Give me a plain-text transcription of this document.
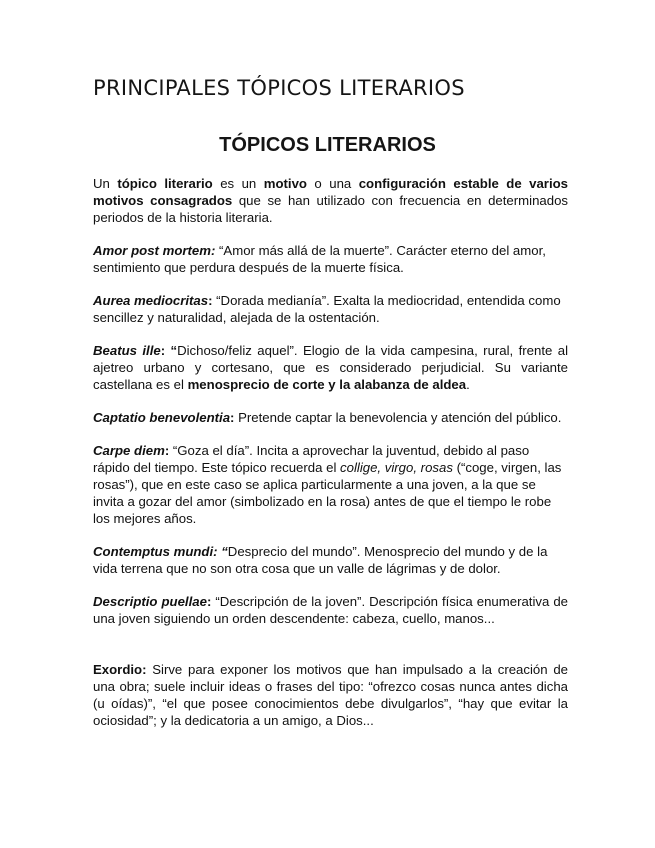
PRINCIPALES TÓPICOS LITERARIOS
TÓPICOS LITERARIOS

Un tópico literario es un motivo o una configuración estable de varios motivos consagrados que se han utilizado con frecuencia en determinados periodos de la historia literaria.

Amor post mortem: “Amor más allá de la muerte”. Carácter eterno del amor, sentimiento que perdura después de la muerte física.

Aurea mediocritas: “Dorada medianía”. Exalta la mediocridad, entendida como sencillez y naturalidad, alejada de la ostentación.

Beatus ille: “Dichoso/feliz aquel”. Elogio de la vida campesina, rural, frente al ajetreo urbano y cortesano, que es considerado perjudicial. Su variante castellana es el menosprecio de corte y la alabanza de aldea.

Captatio benevolentia: Pretende captar la benevolencia y atención del público.

Carpe diem: “Goza el día”. Incita a aprovechar la juventud, debido al paso rápido del tiempo. Este tópico recuerda el collige, virgo, rosas (“coge, virgen, las rosas”), que en este caso se aplica particularmente a una joven, a la que se invita a gozar del amor (simbolizado en la rosa) antes de que el tiempo le robe los mejores años.

Contemptus mundi: “Desprecio del mundo”. Menosprecio del mundo y de la vida terrena que no son otra cosa que un valle de lágrimas y de dolor.

Descriptio puellae: “Descripción de la joven”. Descripción física enumerativa de una joven siguiendo un orden descendente: cabeza, cuello, manos...

Exordio: Sirve para exponer los motivos que han impulsado a la creación de una obra; suele incluir ideas o frases del tipo: “ofrezco cosas nunca antes dicha (u oídas)”, “el que posee conocimientos debe divulgarlos”, “hay que evitar la ociosidad”; y la dedicatoria a un amigo, a Dios...
